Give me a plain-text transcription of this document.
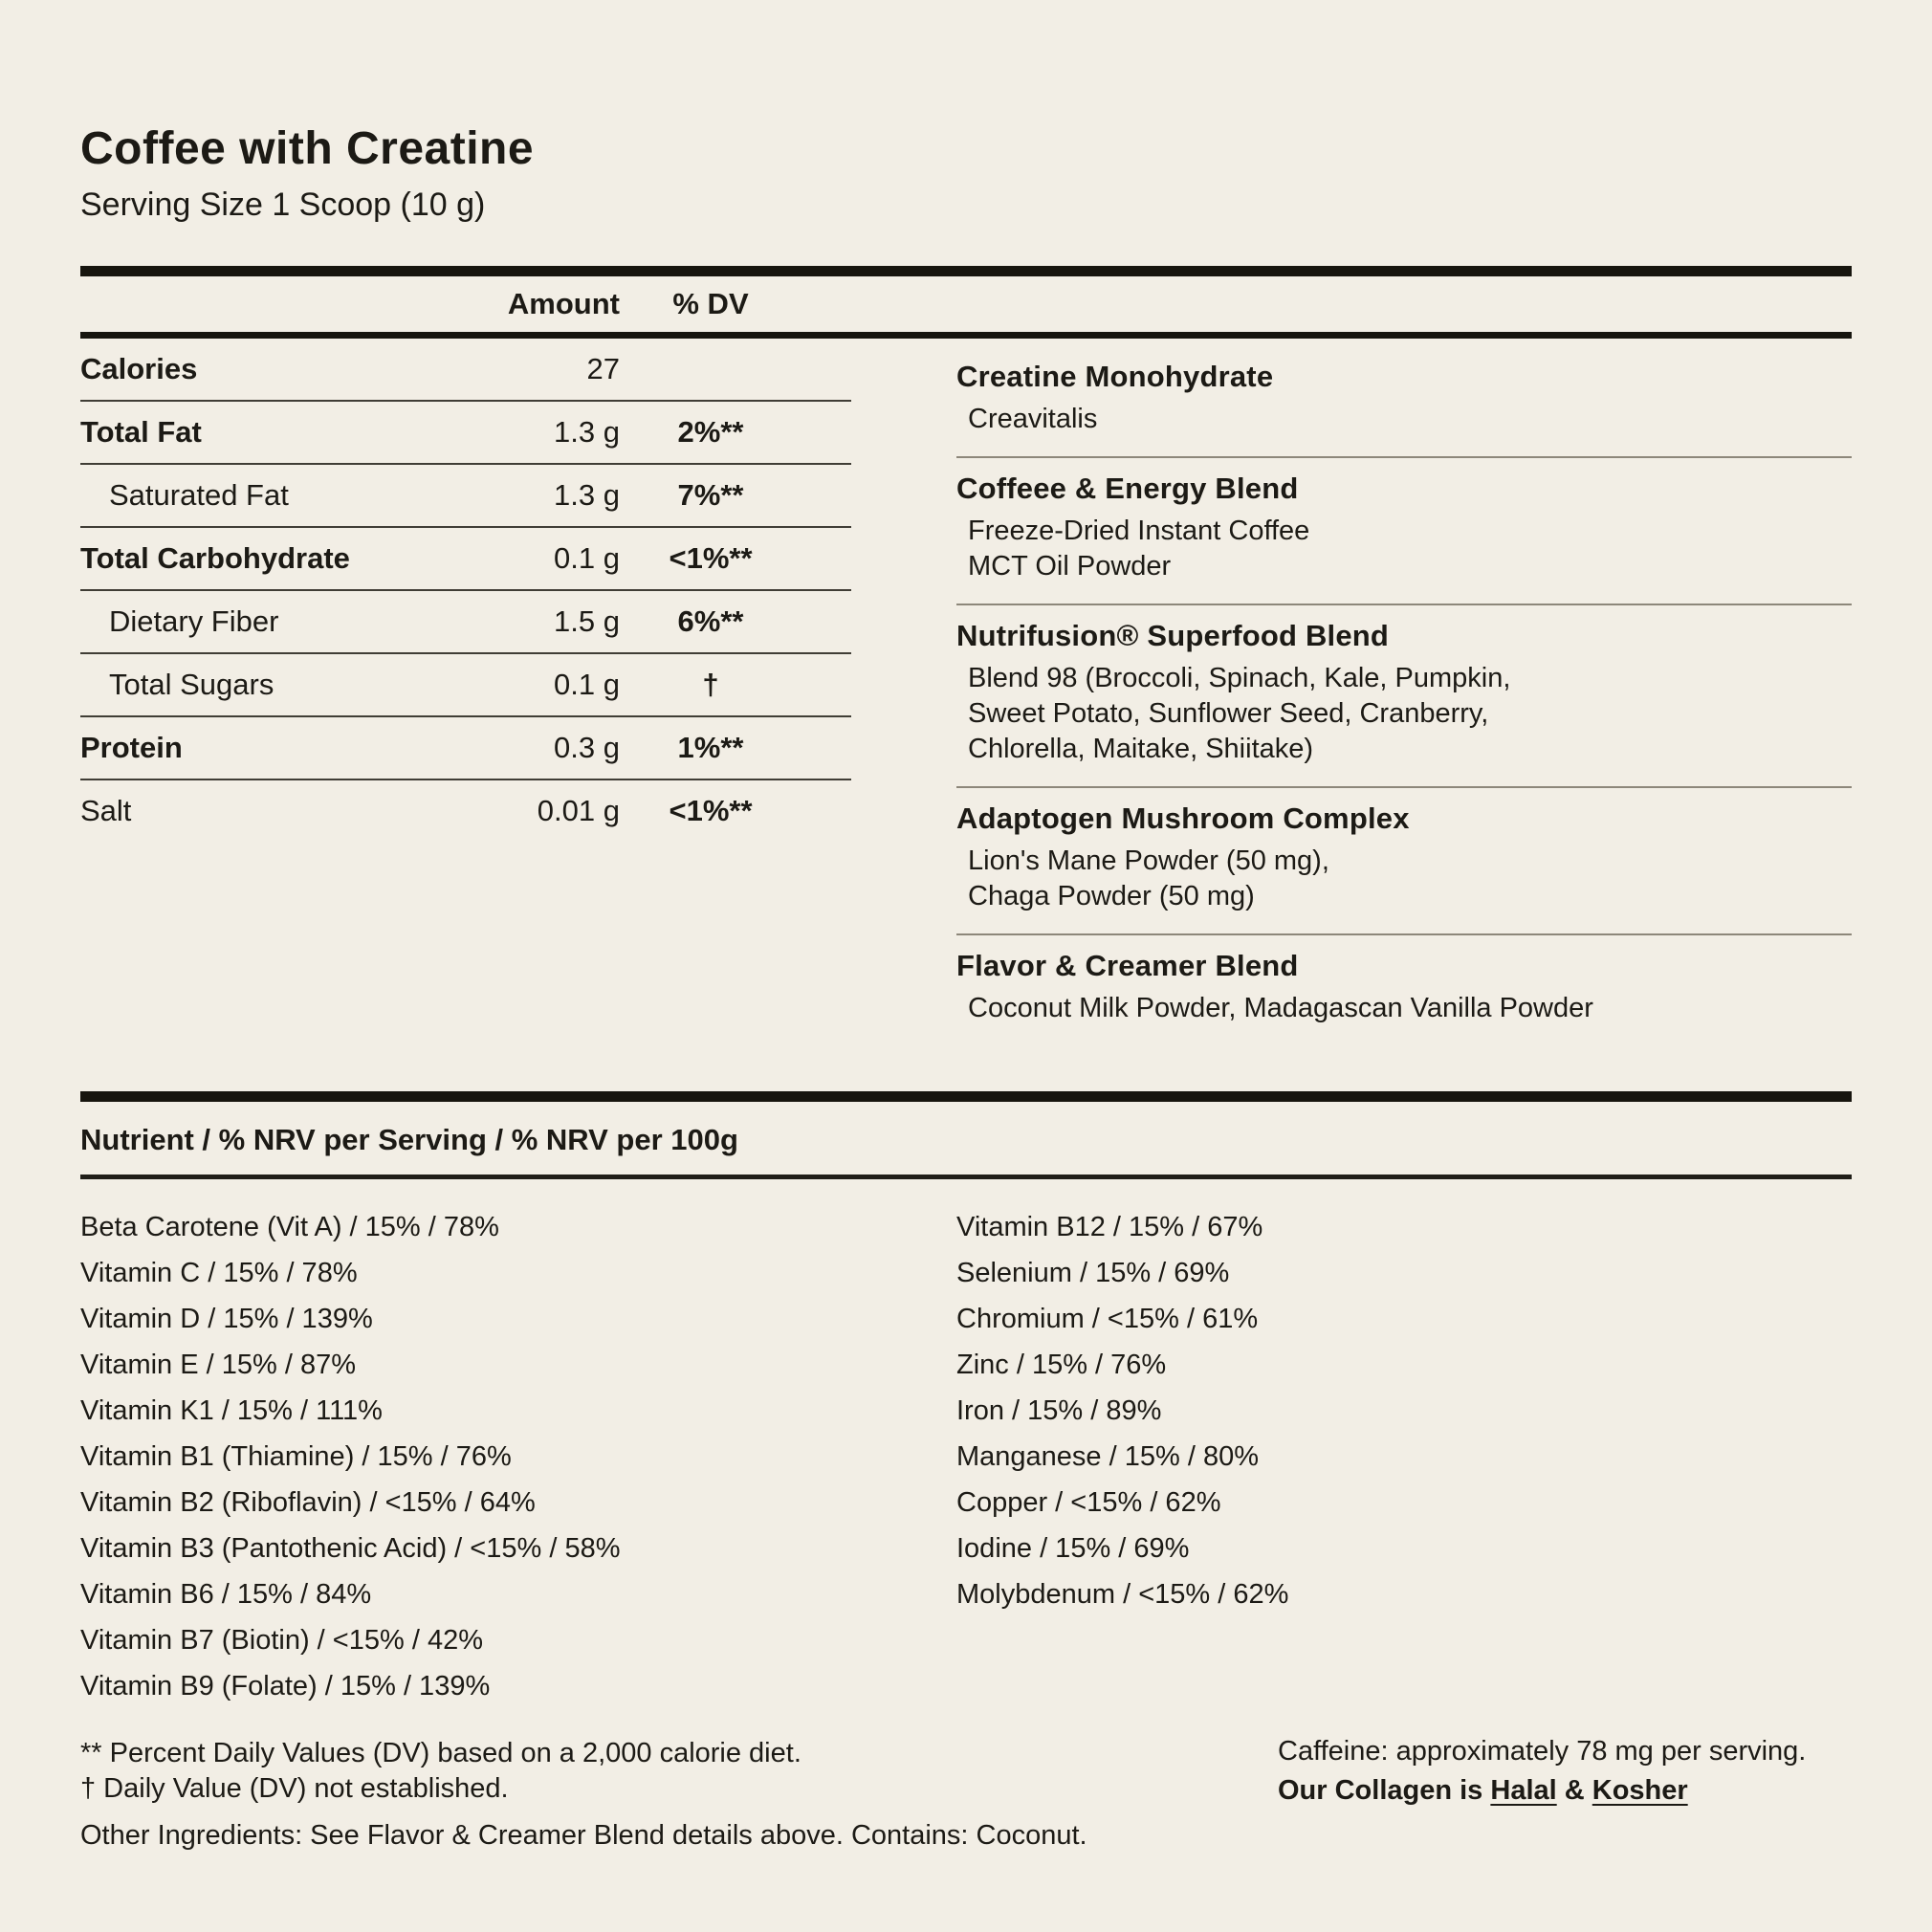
Coffee with Creatine
Serving Size 1 Scoop (10 g)
Amount	% DV
Calories	27
Total Fat	1.3 g	2%**
Saturated Fat	1.3 g	7%**
Total Carbohydrate	0.1 g	<1%**
Dietary Fiber	1.5 g	6%**
Total Sugars	0.1 g	†
Protein	0.3 g	1%**
Salt	0.01 g	<1%**
Creatine Monohydrate
Creavitalis
Coffeee & Energy Blend
Freeze-Dried Instant Coffee
MCT Oil Powder
Nutrifusion® Superfood Blend
Blend 98 (Broccoli, Spinach, Kale, Pumpkin,
Sweet Potato, Sunflower Seed, Cranberry,
Chlorella, Maitake, Shiitake)
Adaptogen Mushroom Complex
Lion's Mane Powder (50 mg),
Chaga Powder (50 mg)
Flavor & Creamer Blend
Coconut Milk Powder, Madagascan Vanilla Powder
Nutrient / % NRV per Serving / % NRV per 100g
Beta Carotene (Vit A) / 15% / 78%
Vitamin C / 15% / 78%
Vitamin D / 15% / 139%
Vitamin E / 15% / 87%
Vitamin K1 / 15% / 111%
Vitamin B1 (Thiamine) / 15% / 76%
Vitamin B2 (Riboflavin) / <15% / 64%
Vitamin B3 (Pantothenic Acid) / <15% / 58%
Vitamin B6 / 15% / 84%
Vitamin B7 (Biotin) / <15% / 42%
Vitamin B9 (Folate) / 15% / 139%
Vitamin B12 / 15% / 67%
Selenium / 15% / 69%
Chromium / <15% / 61%
Zinc / 15% / 76%
Iron / 15% / 89%
Manganese / 15% / 80%
Copper / <15% / 62%
Iodine / 15% / 69%
Molybdenum / <15% / 62%
** Percent Daily Values (DV) based on a 2,000 calorie diet.
† Daily Value (DV) not established.
Other Ingredients: See Flavor & Creamer Blend details above. Contains: Coconut.
Caffeine: approximately 78 mg per serving.
Our Collagen is Halal & Kosher
